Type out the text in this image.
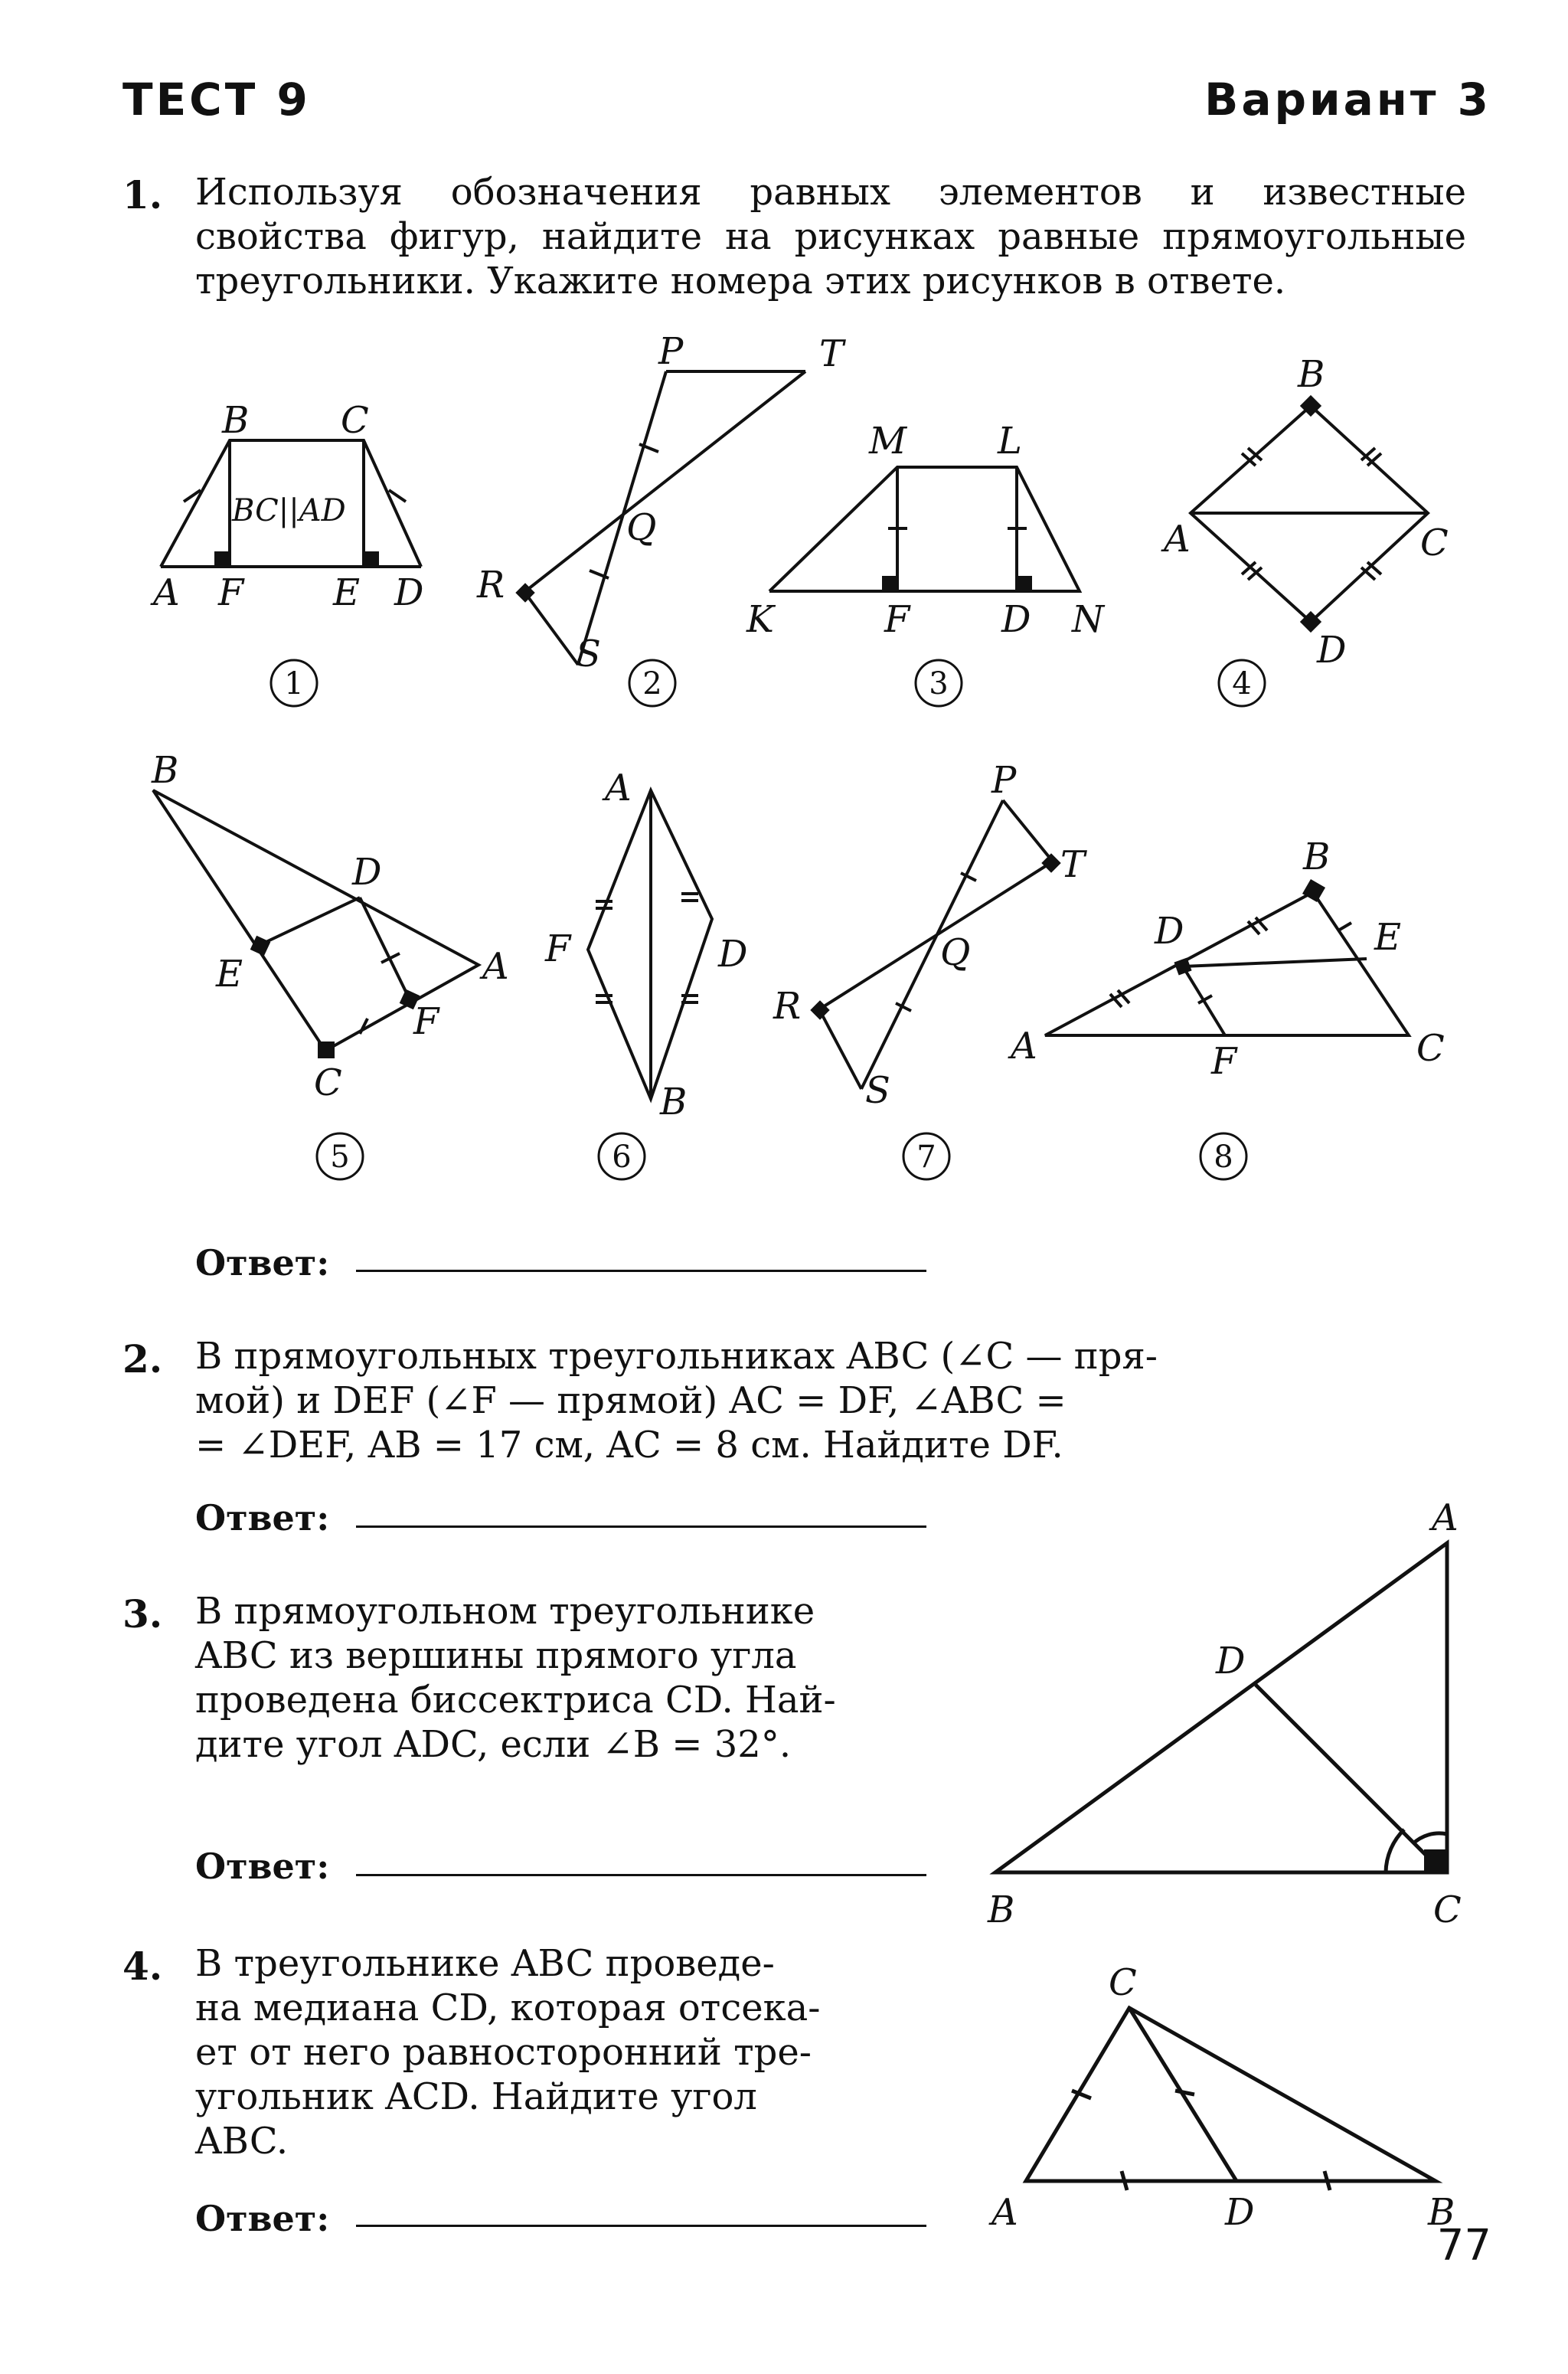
ТЕСТ 9	Вариант 3
1. Используя обозначения равных элементов и известные свойства фигур, найдите на рисунках равные прямоугольные треугольники. Укажите номера этих рисунков в ответе.
B C
A F E D
BC||AD
P	T
Q
R
S
M L
K	F D N
B
A	C
D
B
D
E	A
F
C
A
F	D
B
P
T
Q
R
S
B
D	E
A	F	C
1	2	3	4
5	6	7	8
Ответ:
2. В прямоугольных треугольниках ABC (∠C — пря-
мой) и DEF (∠F — прямой) AC = DF, ∠ABC =
= ∠DEF, AB = 17 см, AC = 8 см. Найдите DF.
Ответ:
3. В прямоугольном треугольнике
ABC из вершины прямого угла
проведена биссектриса CD. Най-
дите угол ADC, если ∠B = 32°.
Ответ:
A
D
B	C
C
A	D	B
4. В треугольнике ABC проведе-
на медиана CD, которая отсека-
ет от него равносторонний тре-
угольник ACD. Найдите угол
ABC.
Ответ:
77
